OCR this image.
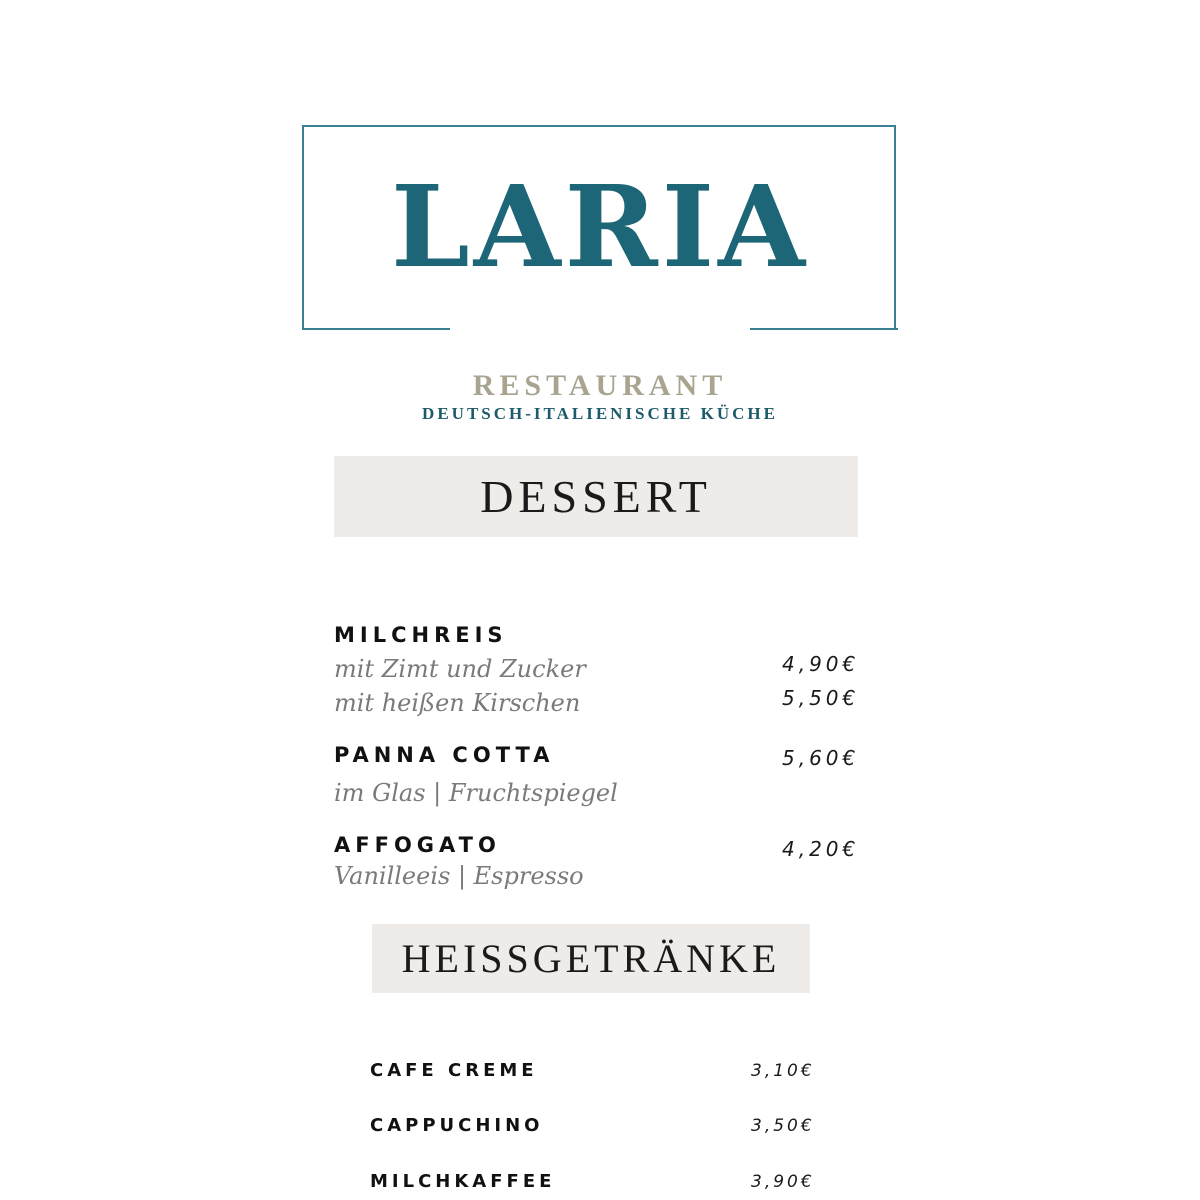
LARIA
RESTAURANT
DEUTSCH-ITALIENISCHE KÜCHE
DESSERT
MILCHREIS
mit Zimt und Zucker	4,90€
mit heißen Kirschen	5,50€
PANNA COTTA	5,60€
im Glas | Fruchtspiegel
AFFOGATO	4,20€
Vanilleeis | Espresso
HEISSGETRÄNKE
CAFE CREME	3,10€
CAPPUCHINO	3,50€
MILCHKAFFEE	3,90€
